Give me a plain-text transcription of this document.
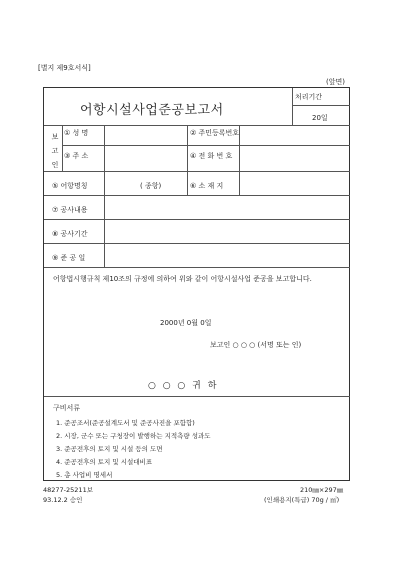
[별지 제9호서식]
(앞면)
어항시설사업준공보고서
처리기간
20일
보고인
① 성 명	② 주민등록번호
③ 주 소	④ 전 화 번 호
⑤ 어항명칭	( 종항)	⑥ 소 재 지
⑦ 공사내용
⑧ 공사기간
⑨ 준 공 일
어항법시행규칙 제10조의 규정에 의하여 위와 같이 어항시설사업 준공을 보고합니다.
2000년 0월 0일
보고인 ○ ○ ○ (서명 또는 인)
○ ○ ○ 귀 하
구비서류
1. 준공조서(준공설계도서 및 준공사진을 포함합)
2. 시장, 군수 또는 구청장이 발행하는 지적측량 성과도
3. 준공전후의 토지 및 시설 등의 도면
4. 준공전후의 토지 및 시설대비표
5. 총 사업비 명세서
48277-25211보
93.12.2 승인
210㎜×297㎜
(인쇄용지(특급) 70g / ㎡)
